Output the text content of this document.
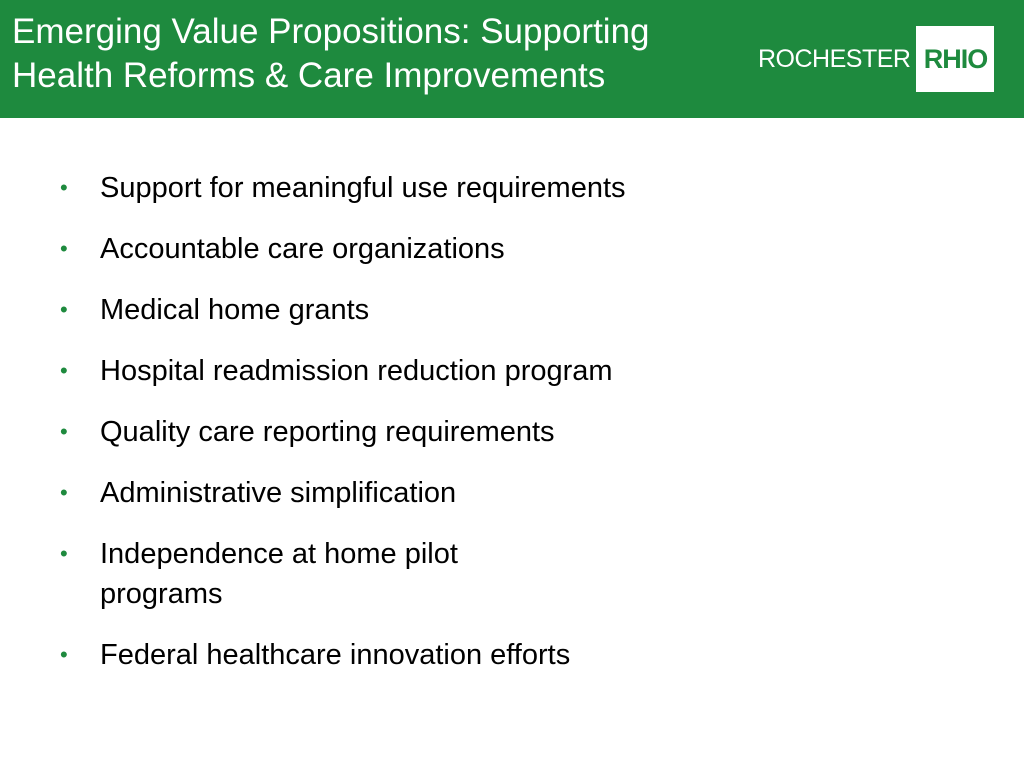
Emerging Value Propositions: Supporting
Health Reforms & Care Improvements	ROCHESTER RHIO
•	Support for meaningful use requirements
•	Accountable care organizations
•	Medical home grants
•	Hospital readmission reduction program
•	Quality care reporting requirements
•	Administrative simplification
•	Independence at home pilot programs
•	Federal healthcare innovation efforts
